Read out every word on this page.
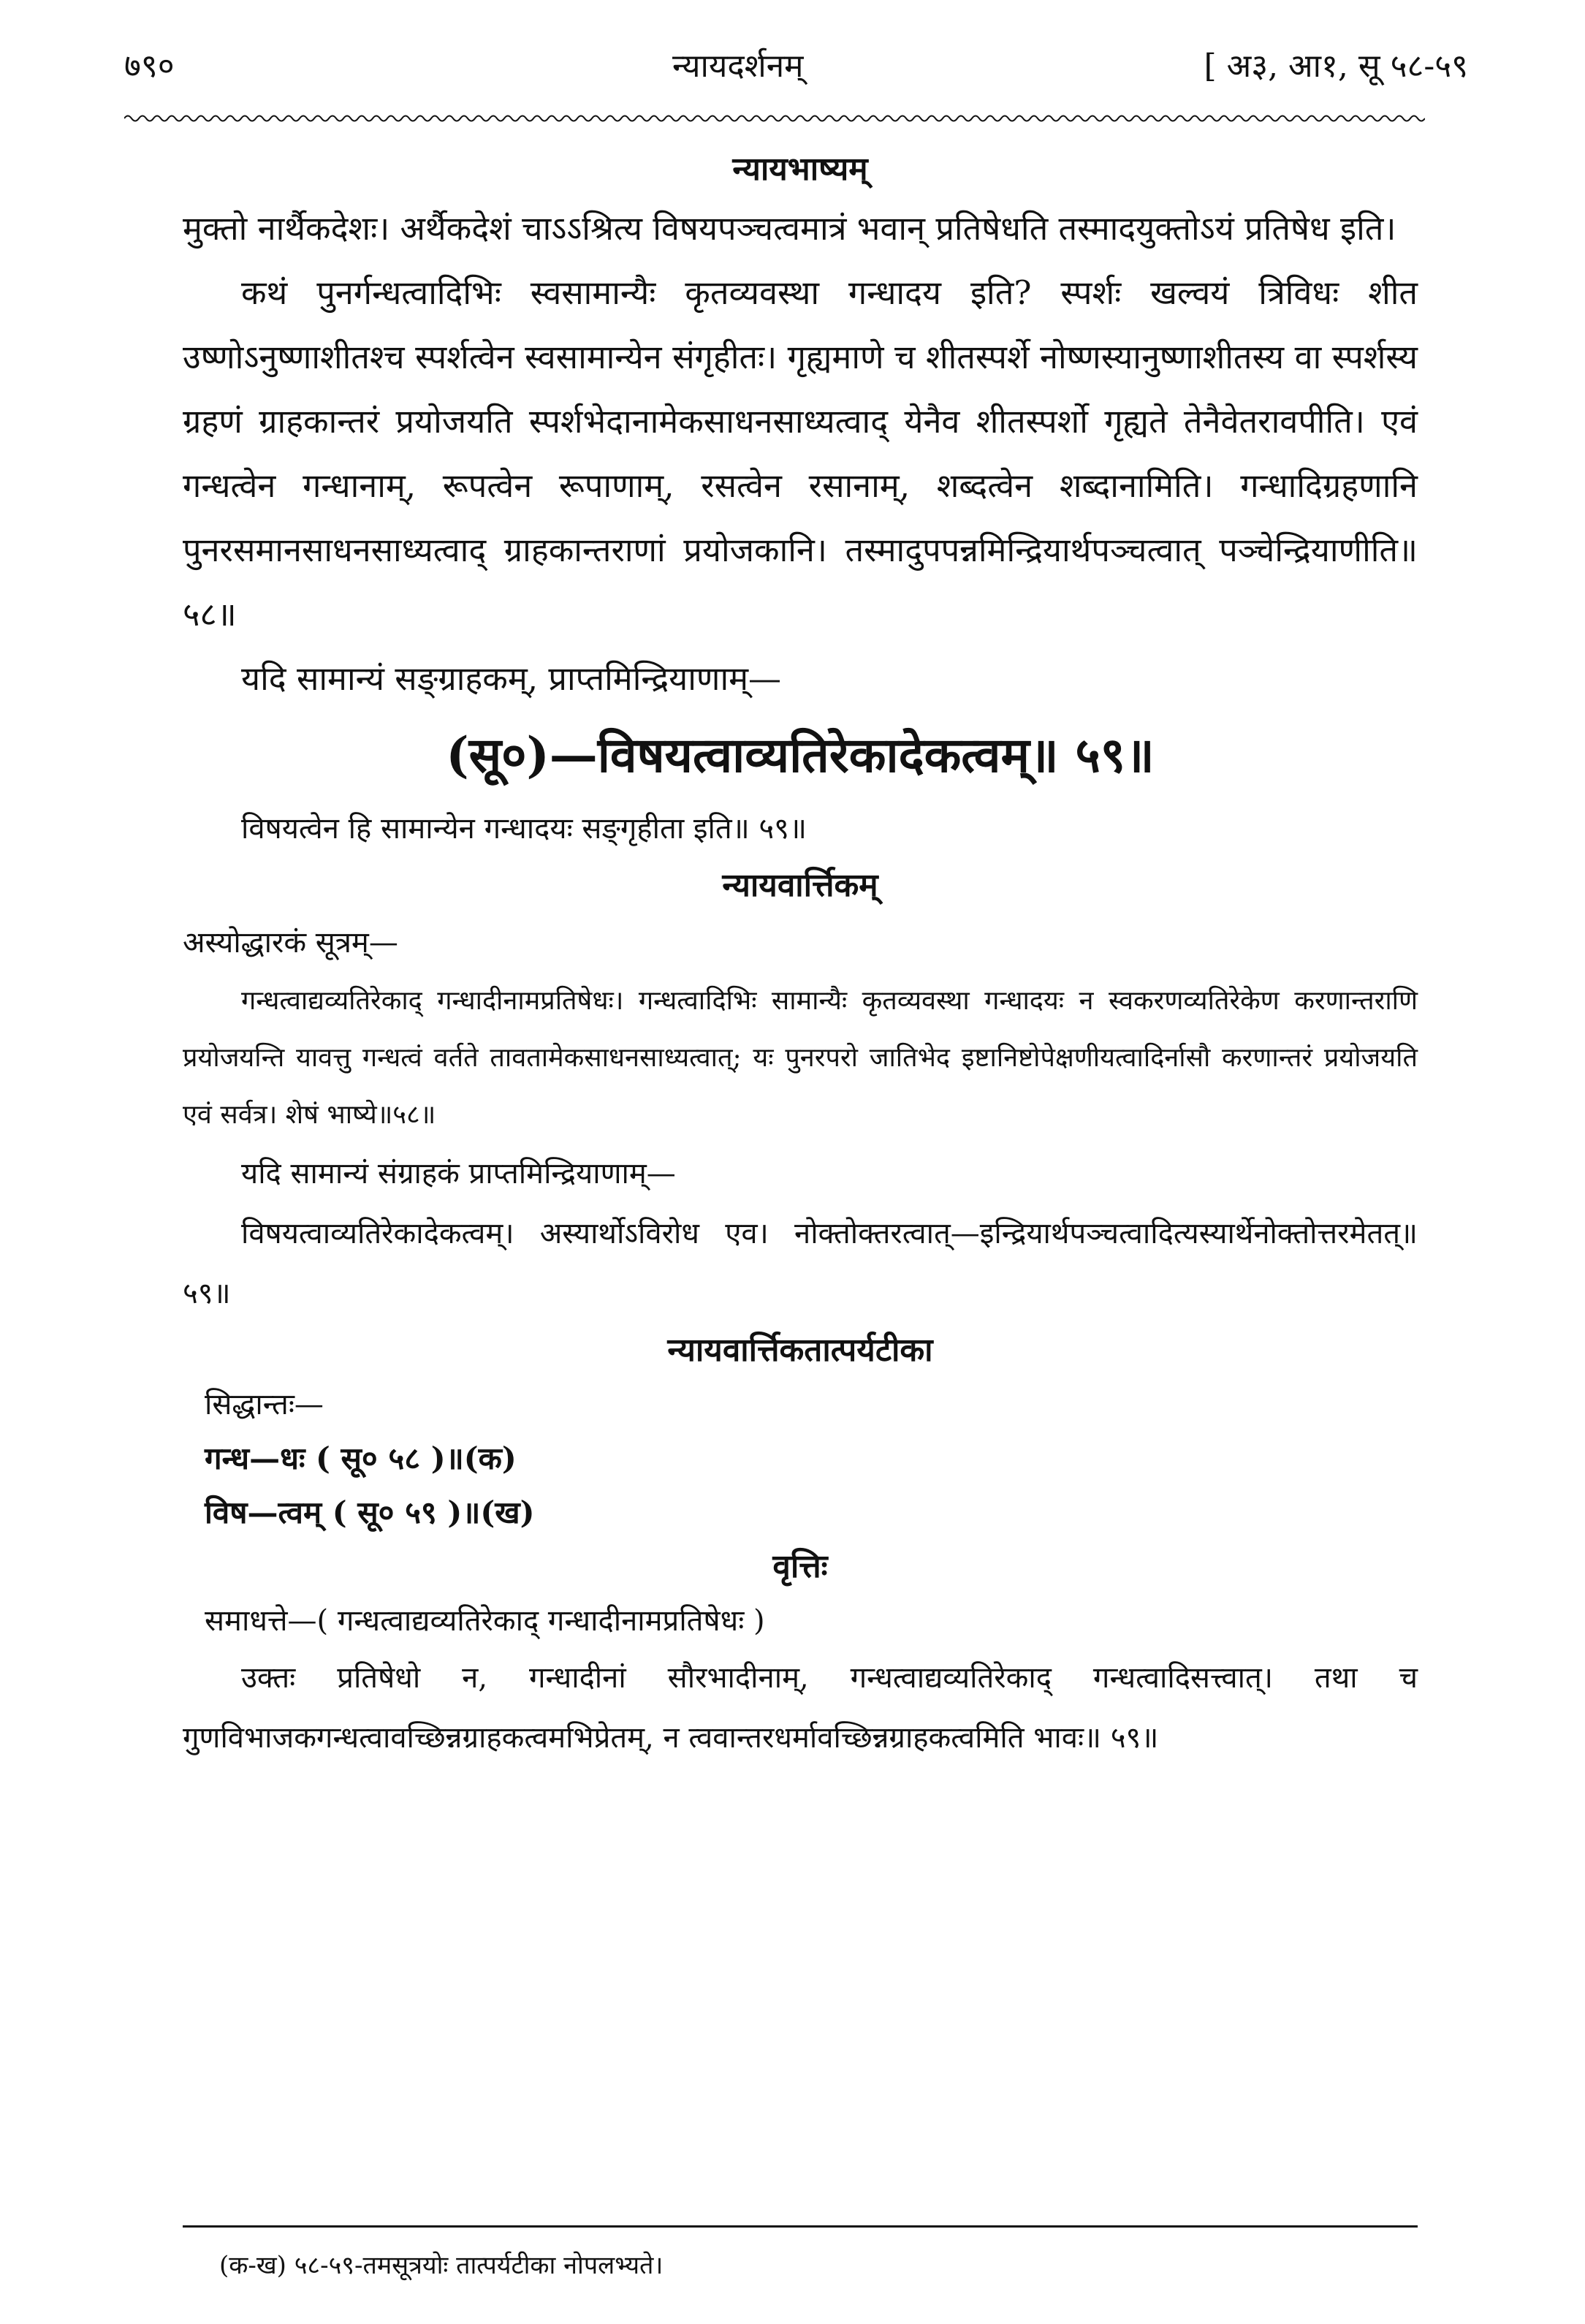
७९०	न्यायदर्शनम्	[ अ३, आ१, सू ५८-५९
न्यायभाष्यम्

मुक्तो नार्थैकदेशः। अर्थैकदेशं चाऽऽश्रित्य विषयपञ्चत्वमात्रं भवान् प्रतिषेधति तस्मादयुक्तोऽयं प्रतिषेध इति।

कथं पुनर्गन्धत्वादिभिः स्वसामान्यैः कृतव्यवस्था गन्धादय इति? स्पर्शः खल्वयं त्रिविधः शीत उष्णोऽनुष्णाशीतश्च स्पर्शत्वेन स्वसामान्येन संगृहीतः। गृह्यमाणे च शीतस्पर्शे नोष्णस्यानुष्णाशीतस्य वा स्पर्शस्य ग्रहणं ग्राहकान्तरं प्रयोजयति स्पर्शभेदानामेकसाधनसाध्यत्वाद् येनैव शीतस्पर्शो गृह्यते तेनैवेतरावपीति। एवं गन्धत्वेन गन्धानाम्, रूपत्वेन रूपाणाम्, रसत्वेन रसानाम्, शब्दत्वेन शब्दानामिति। गन्धादिग्रहणानि पुनरसमानसाधनसाध्यत्वाद् ग्राहकान्तराणां प्रयोजकानि। तस्मादुपपन्नमिन्द्रियार्थपञ्चत्वात् पञ्चेन्द्रियाणीति॥ ५८॥

यदि सामान्यं सङ्ग्राहकम्, प्राप्तमिन्द्रियाणाम्—

(सू०)—विषयत्वाव्यतिरेकादेकत्वम्॥ ५९॥

विषयत्वेन हि सामान्येन गन्धादयः सङ्गृहीता इति॥ ५९॥

न्यायवार्त्तिकम्

अस्योद्धारकं सूत्रम्—

गन्धत्वाद्यव्यतिरेकाद् गन्धादीनामप्रतिषेधः। गन्धत्वादिभिः सामान्यैः कृतव्यवस्था गन्धादयः न स्वकरणव्यतिरेकेण करणान्तराणि प्रयोजयन्ति यावत्तु गन्धत्वं वर्तते तावतामेकसाधनसाध्यत्वात्; यः पुनरपरो जातिभेद इष्टानिष्टोपेक्षणीयत्वादिर्नासौ करणान्तरं प्रयोजयति एवं सर्वत्र। शेषं भाष्ये॥५८॥

यदि सामान्यं संग्राहकं प्राप्तमिन्द्रियाणाम्—

विषयत्वाव्यतिरेकादेकत्वम्। अस्यार्थोऽविरोध एव। नोक्तोक्तरत्वात्—इन्द्रियार्थपञ्चत्वादित्यस्यार्थेनोक्तोत्तरमेतत्॥ ५९॥

न्यायवार्त्तिकतात्पर्यटीका
सिद्धान्तः—
गन्ध—धः ( सू० ५८ )॥(क)
विष—त्वम् ( सू० ५९ )॥(ख)
वृत्तिः
समाधत्ते—( गन्धत्वाद्यव्यतिरेकाद् गन्धादीनामप्रतिषेधः )

उक्तः प्रतिषेधो न, गन्धादीनां सौरभादीनाम्, गन्धत्वाद्यव्यतिरेकाद् गन्धत्वादिसत्त्वात्। तथा च गुणविभाजकगन्धत्वावच्छिन्नग्राहकत्वमभिप्रेतम्, न त्ववान्तरधर्मावच्छिन्नग्राहकत्वमिति भावः॥ ५९॥

(क-ख) ५८-५९-तमसूत्रयोः तात्पर्यटीका नोपलभ्यते।
